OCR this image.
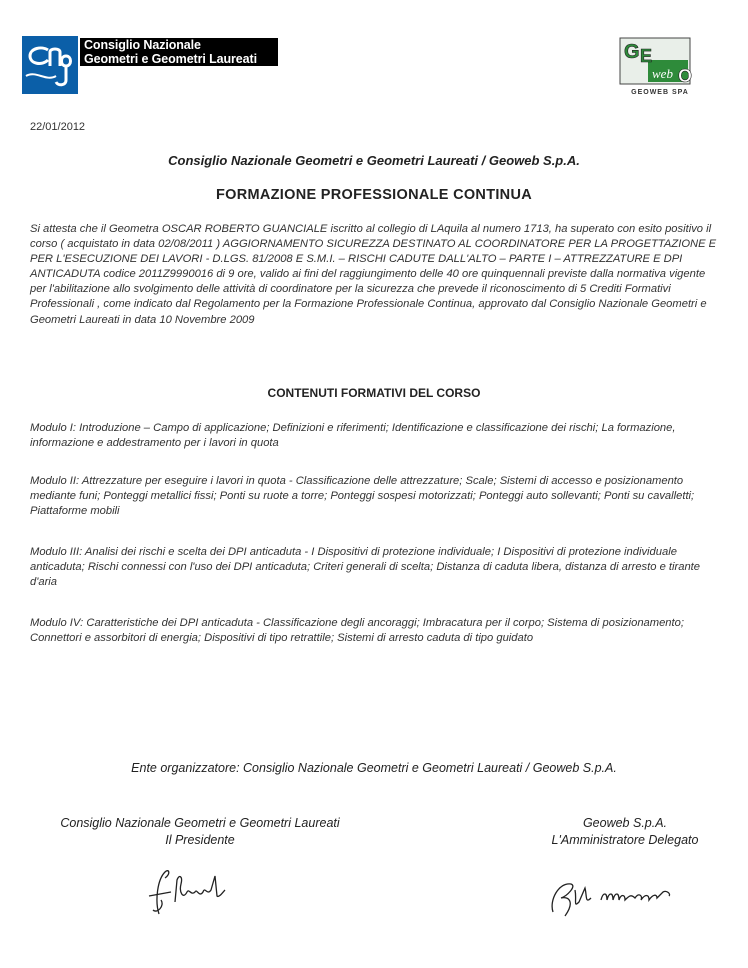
Consiglio Nazionale
Geometri e Geometri Laureati	G E
O
web
GEOWEB SPA
22/01/2012
Consiglio Nazionale Geometri e Geometri Laureati / Geoweb S.p.A.
FORMAZIONE PROFESSIONALE CONTINUA
Si attesta che il Geometra OSCAR ROBERTO GUANCIALE iscritto al collegio di LAquila al numero 1713, ha superato con esito positivo il corso ( acquistato in data 02/08/2011 ) AGGIORNAMENTO SICUREZZA DESTINATO AL COORDINATORE PER LA PROGETTAZIONE E PER L'ESECUZIONE DEI LAVORI - D.LGS. 81/2008 E S.M.I. – RISCHI CADUTE DALL'ALTO – PARTE I – ATTREZZATURE E DPI ANTICADUTA codice 2011Z9990016 di 9 ore, valido ai fini del raggiungimento delle 40 ore quinquennali previste dalla normativa vigente per l'abilitazione allo svolgimento delle attività di coordinatore per la sicurezza che prevede il riconoscimento di 5 Crediti Formativi Professionali , come indicato dal Regolamento per la Formazione Professionale Continua, approvato dal Consiglio Nazionale Geometri e Geometri Laureati in data 10 Novembre 2009
CONTENUTI FORMATIVI DEL CORSO
Modulo I: Introduzione – Campo di applicazione; Definizioni e riferimenti; Identificazione e classificazione dei rischi; La formazione, informazione e addestramento per i lavori in quota
Modulo II: Attrezzature per eseguire i lavori in quota - Classificazione delle attrezzature; Scale; Sistemi di accesso e posizionamento mediante funi; Ponteggi metallici fissi; Ponti su ruote a torre; Ponteggi sospesi motorizzati; Ponteggi auto sollevanti; Ponti su cavalletti; Piattaforme mobili
Modulo III: Analisi dei rischi e scelta dei DPI anticaduta - I Dispositivi di protezione individuale; I Dispositivi di protezione individuale anticaduta; Rischi connessi con l'uso dei DPI anticaduta; Criteri generali di scelta; Distanza di caduta libera, distanza di arresto e tirante d'aria
Modulo IV: Caratteristiche dei DPI anticaduta - Classificazione degli ancoraggi; Imbracatura per il corpo; Sistema di posizionamento; Connettori e assorbitori di energia; Dispositivi di tipo retrattile; Sistemi di arresto caduta di tipo guidato
Ente organizzatore: Consiglio Nazionale Geometri e Geometri Laureati / Geoweb S.p.A.
Consiglio Nazionale Geometri e Geometri Laureati
Il Presidente
Geoweb S.p.A.
L'Amministratore Delegato
